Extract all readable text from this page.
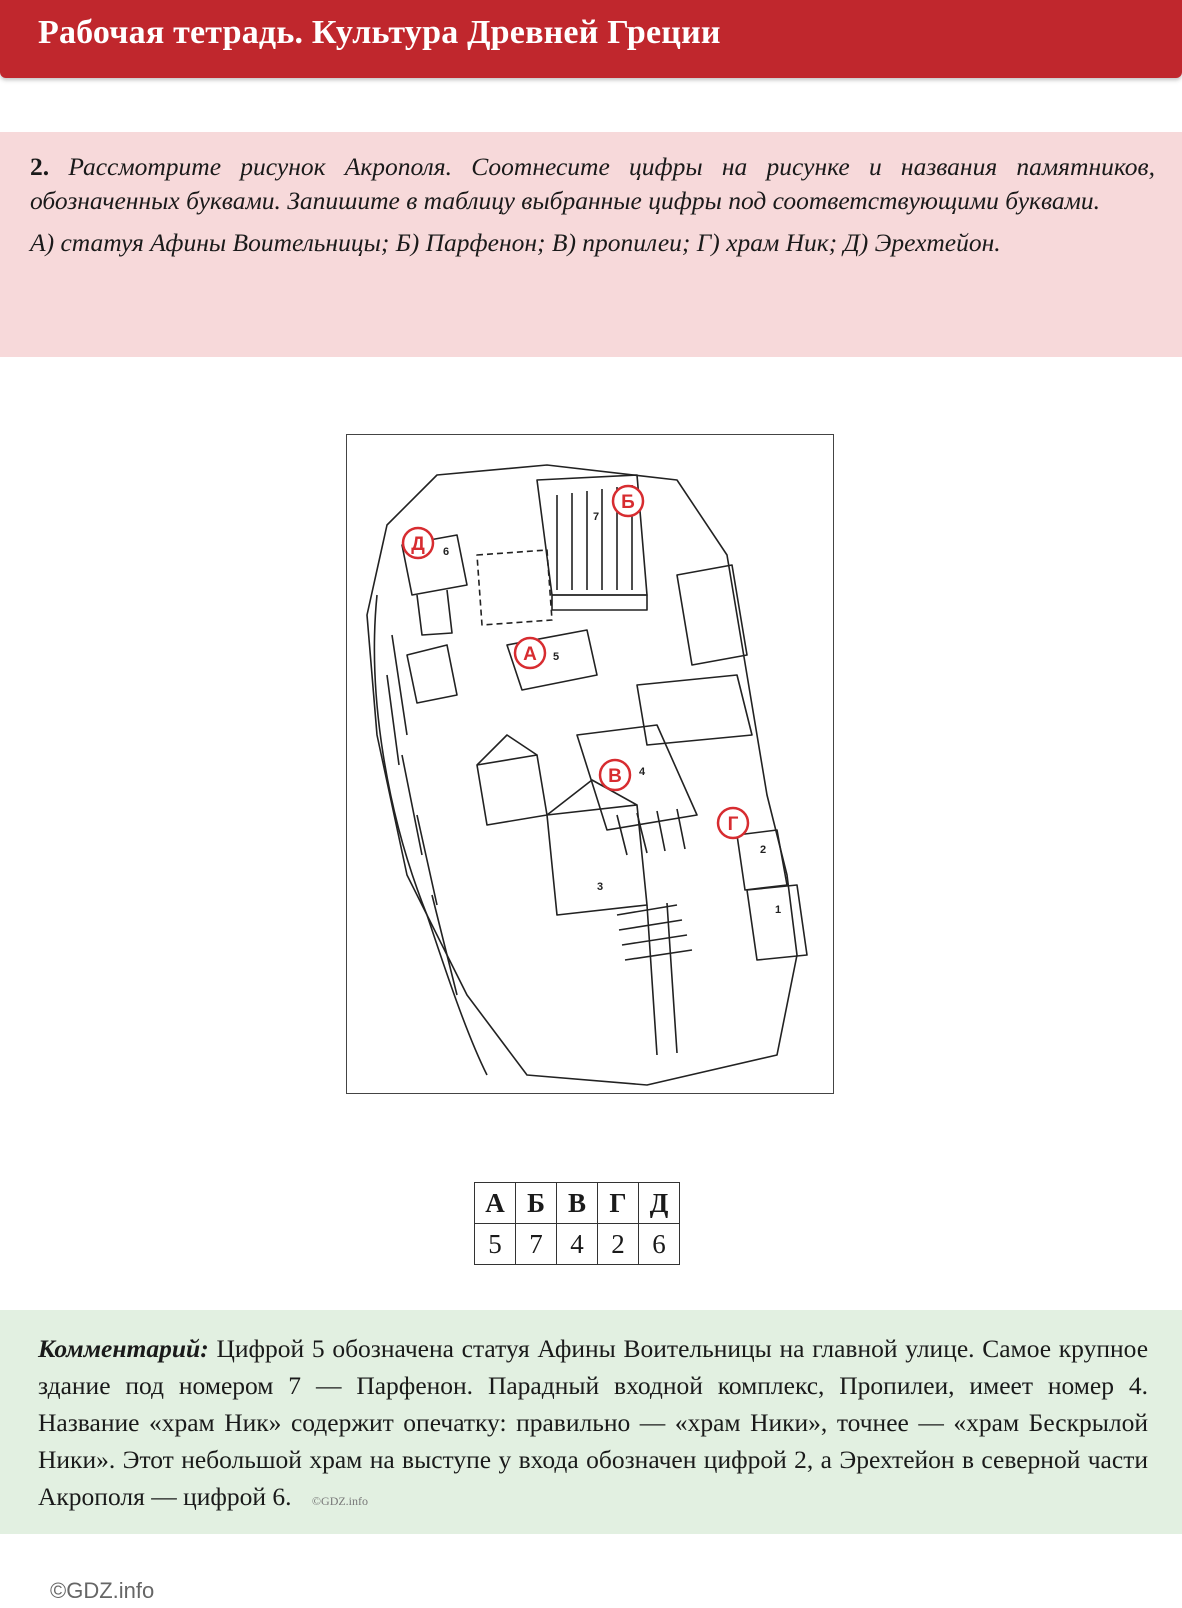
Рабочая тетрадь. Культура Древней Греции

2. Рассмотрите рисунок Акрополя. Соотнесите цифры на рисунке и названия памятников, обозначенных буквами. Запишите в таблицу выбранные цифры под соответствующими буквами.

А) статуя Афины Воительницы; Б) Парфенон; В) пропилеи; Г) храм Ник; Д) Эрехтейон.

1
2
3
4
5
6
7
А
Б
В
Г
Д
А	Б	В	Г	Д
5	7	4	2	6
Комментарий: Цифрой 5 обозначена статуя Афины Воительницы на главной улице. Самое крупное здание под номером 7 — Парфенон. Парадный входной комплекс, Пропилеи, имеет номер 4. Название «храм Ник» содержит опечатку: правильно — «храм Ники», точнее — «храм Бескрылой Ники». Этот небольшой храм на выступе у входа обозначен цифрой 2, а Эрехтейон в северной части Акрополя — цифрой 6. ©GDZ.info
©GDZ.info
